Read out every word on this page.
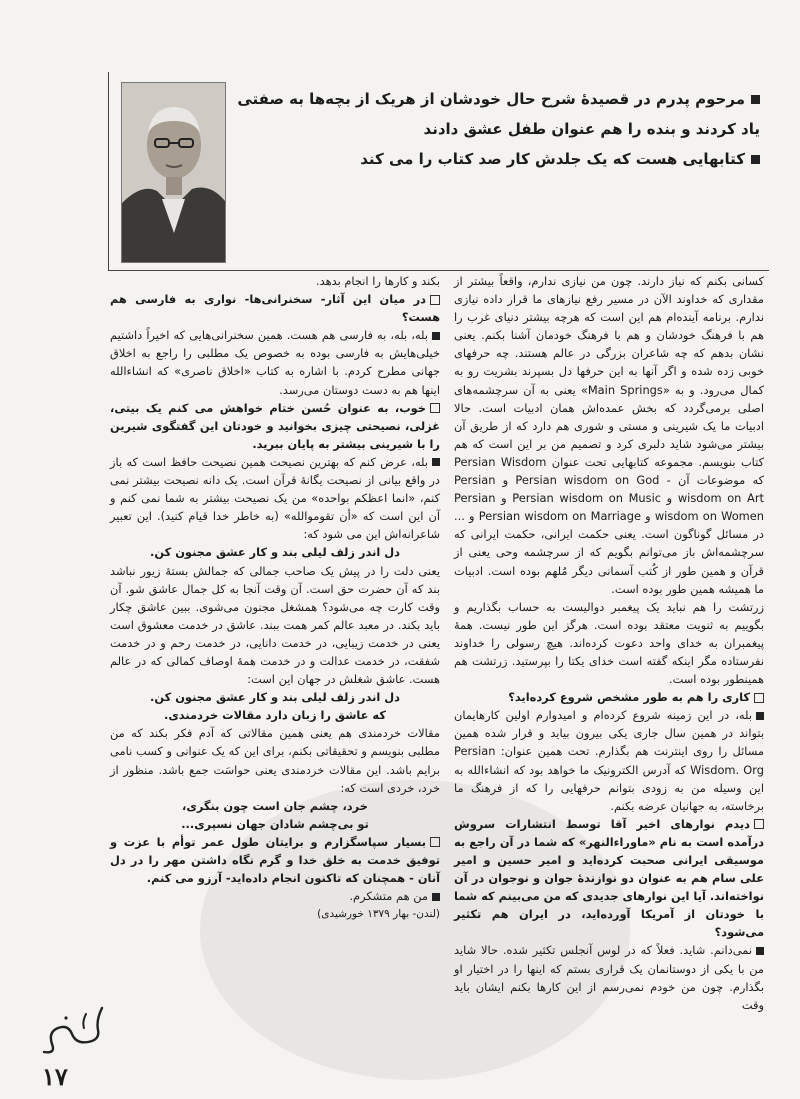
مرحوم پدرم در قصیدهٔ شرح حال خودشان از هریک از بچه‌ها به صفتی یاد کردند و بنده را هم عنوان طفل عشق دادند

کتابهایی هست که یک جلدش کار صد کتاب را می کند

کسانی بکنم که نیاز دارند. چون من نیازی ندارم، واقعاً بیشتر از مقداری که خداوند الآن در مسیر رفع نیازهای ما قرار داده نیازی ندارم. برنامه آینده‌ام هم این است که هرچه بیشتر دنیای غرب را هم با فرهنگ خودشان و هم با فرهنگ خودمان آشنا بکنم. یعنی نشان بدهم که چه شاعران بزرگی در عالم هستند. چه حرفهای خوبی زده شده و اگر آنها به این حرفها دل بسپرند بشریت رو به کمال می‌رود. و به «Main Springs» یعنی به آن سرچشمه‌های اصلی برمی‌گردد که بخش عمده‌اش همان ادبیات است. حالا ادبیات ما یک شیرینی و مستی و شوری هم دارد که از طریق آن بیشتر می‌شود شاید دلبری کرد و تصمیم من بر این است که هم کتاب بنویسم. مجموعه کتابهایی تحت عنوان Persian Wisdom که موضوعات آن - Persian wisdom on God و Persian wisdom on Art و Persian wisdom on Music و Persian wisdom on Women و Persian wisdom on Marriage و ... در مسائل گوناگون است. یعنی حکمت ایرانی، حکمت ایرانی که سرچشمه‌اش باز می‌توانم بگویم که از سرچشمه وحی یعنی از قرآن و همین طور از کُتب آسمانی دیگر مُلهم بوده است. ادبیات ما همیشه همین طور بوده است.

زرتشت را هم نباید یک پیغمبر دوالیست به حساب بگذاریم و بگوییم به ثنویت معتقد بوده است. هرگز این طور نیست. همهٔ پیغمبران به خدای واحد دعوت کرده‌اند. هیچ رسولی را خداوند نفرستاده مگر اینکه گفته است خدای یکتا را بپرستید. زرتشت هم همینطور بوده است.

کاری را هم به طور مشخص شروع کرده‌اید؟

بله، در این زمینه شروع کرده‌ام و امیدوارم اولین کارهایمان بتواند در همین سال جاری یکی بیرون بیاید و قرار شده همین مسائل را روی اینترنت هم بگذارم. تحت همین عنوان: Persian Wisdom. Org که آدرس الکترونیک ما خواهد بود که انشاءالله به این وسیله من به زودی بتوانم حرفهایی را که از فرهنگ ما برخاسته، به جهانیان عرضه بکنم.

دیدم نوارهای اخیر آقا توسط انتشارات سروش درآمده است به نام «ماوراءالنهر» که شما در آن راجع به موسیقی ایرانی صحبت کرده‌اید و امیر حسین و امیر علی سام هم به عنوان دو نوازندهٔ جوان و نوجوان در آن نواخته‌اند. آیا این نوارهای جدیدی که من می‌بینم که شما با خودتان از آمریکا آورده‌اید، در ایران هم تکثیر می‌شود؟

نمی‌دانم. شاید. فعلاً که در لوس آنجلس تکثیر شده. حالا شاید من با یکی از دوستانمان یک قراری بستم که اینها را در اختیار او بگذارم. چون من خودم نمی‌رسم از این کارها بکنم ایشان باید وقت

بکند و کارها را انجام بدهد.

در میان این آثار- سخنرانی‌ها- نواری به فارسی هم هست؟

بله، بله، به فارسی هم هست. همین سخنرانی‌هایی که اخیراً داشتیم خیلی‌هایش به فارسی بوده به خصوص یک مطلبی را راجع به اخلاق جهانی مطرح کردم. با اشاره به کتاب «اخلاق ناصری» که انشاءالله اینها هم به دست دوستان می‌رسد.

خوب، به عنوان حُسن ختام خواهش می کنم یک بیتی، غزلی، نصیحتی چیزی بخوانید و خودتان این گفتگوی شیرین را با شیرینی بیشتر به پایان ببرید.

بله، عرض کنم که بهترین نصیحت همین نصیحت حافظ است که باز در واقع بیانی از نصیحت یگانهٔ قرآن است. یک دانه نصیحت بیشتر نمی کنم، «انما اعظکم بواحده» من یک نصیحت بیشتر به شما نمی کنم و آن این است که «أن تقوموالله» (به خاطر خدا قیام کنید). این تعبیر شاعرانه‌اش این می شود که:

دل اندر زلف لیلی بند و کار عشق مجنون کن.

یعنی دلت را در پیش یک صاحب جمالی که جمالش بستهٔ زیور نباشد بند که آن حضرت حق است. آن وقت آنجا به کل جمال عاشق شو. آن وقت کارت چه می‌شود؟ همشغل مجنون می‌شوی. ببین عاشق چکار باید بکند. در معبد عالم کمر همت ببند. عاشق در خدمت معشوق است یعنی در خدمت زیبایی، در خدمت دانایی، در خدمت رحم و در خدمت شفقت، در خدمت عدالت و در خدمت همهٔ اوصاف کمالی که در عالم هست. عاشق شغلش در جهان این است:

دل اندر زلف لیلی بند و کار عشق مجنون کن.

که عاشق را زبان دارد مقالات خردمندی.

مقالات خردمندی هم یعنی همین مقالاتی که آدم فکر بکند که من مطلبی بنویسم و تحقیقاتی بکنم، برای این که یک عنوانی و کسب نامی برایم باشد. این مقالات خردمندی یعنی حواسَت جمع باشد. منظور از خرد، خردی است که:

خرد، چشم جان است چون بنگری،

تو بی‌چشم شادان جهان نسپری...

بسیار سپاسگزارم و برایتان طول عمر توأم با عزت و توفیق خدمت به خلق خدا و گرم نگاه داشتن مهر را در دل آنان - همچنان که تاکنون انجام داده‌اید- آرزو می کنم.

من هم متشکرم.

(لندن- بهار ۱۳۷۹ خورشیدی)

۱۷
